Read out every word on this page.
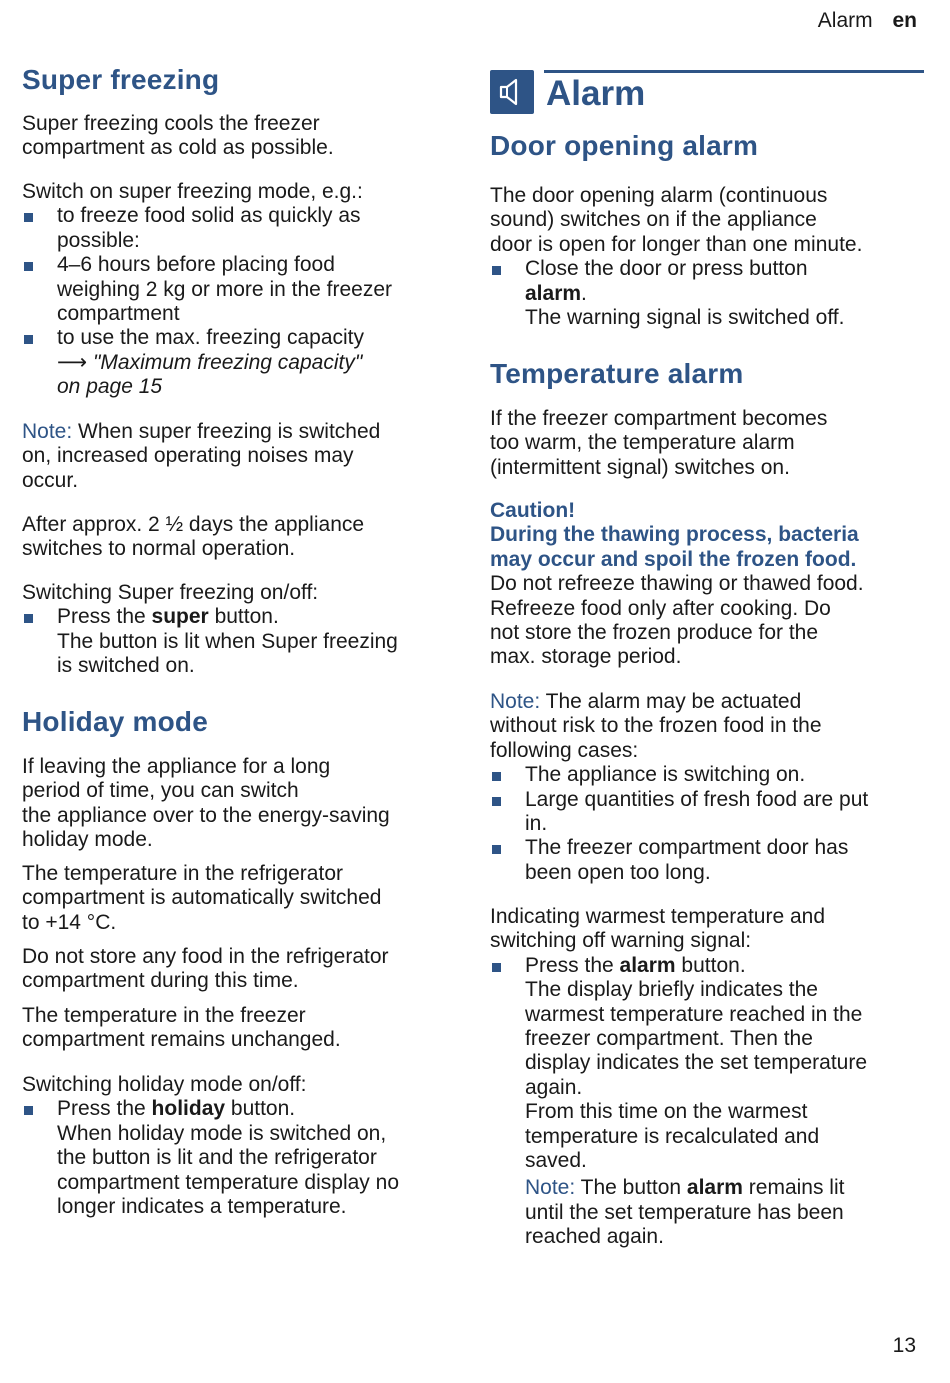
Alarm en
Super freezing

Super freezing cools the freezer

compartment as cold as possible.

Switch on super freezing mode, e.g.:

to freeze food solid as quickly as
possible:
4–6 hours before placing food
weighing 2 kg or more in the freezer
compartment
to use the max. freezing capacity
⟶ "Maximum freezing capacity"
on page 15

Note: When super freezing is switched

on, increased operating noises may

occur.

After approx. 2 ½ days the appliance

switches to normal operation.

Switching Super freezing on/off:

Press the super button.
The button is lit when Super freezing
is switched on.
Holiday mode

If leaving the appliance for a long

period of time, you can switch

the appliance over to the energy-saving

holiday mode.

The temperature in the refrigerator

compartment is automatically switched

to +14 °C.

Do not store any food in the refrigerator

compartment during this time.

The temperature in the freezer

compartment remains unchanged.

Switching holiday mode on/off:

Press the holiday button.
When holiday mode is switched on,
the button is lit and the refrigerator
compartment temperature display no
longer indicates a temperature.
Alarm
Door opening alarm

The door opening alarm (continuous

sound) switches on if the appliance

door is open for longer than one minute.

Close the door or press button
alarm.
The warning signal is switched off.
Temperature alarm

If the freezer compartment becomes

too warm, the temperature alarm

(intermittent signal) switches on.

Caution!

During the thawing process, bacteria

may occur and spoil the frozen food.

Do not refreeze thawing or thawed food.

Refreeze food only after cooking. Do

not store the frozen produce for the

max. storage period.

Note: The alarm may be actuated

without risk to the frozen food in the

following cases:

The appliance is switching on.
Large quantities of fresh food are put
in.
The freezer compartment door has
been open too long.

Indicating warmest temperature and

switching off warning signal:

Press the alarm button.
The display briefly indicates the
warmest temperature reached in the
freezer compartment. Then the
display indicates the set temperature
again.
From this time on the warmest
temperature is recalculated and
saved.
Note: The button alarm remains lit
until the set temperature has been
reached again.
13
